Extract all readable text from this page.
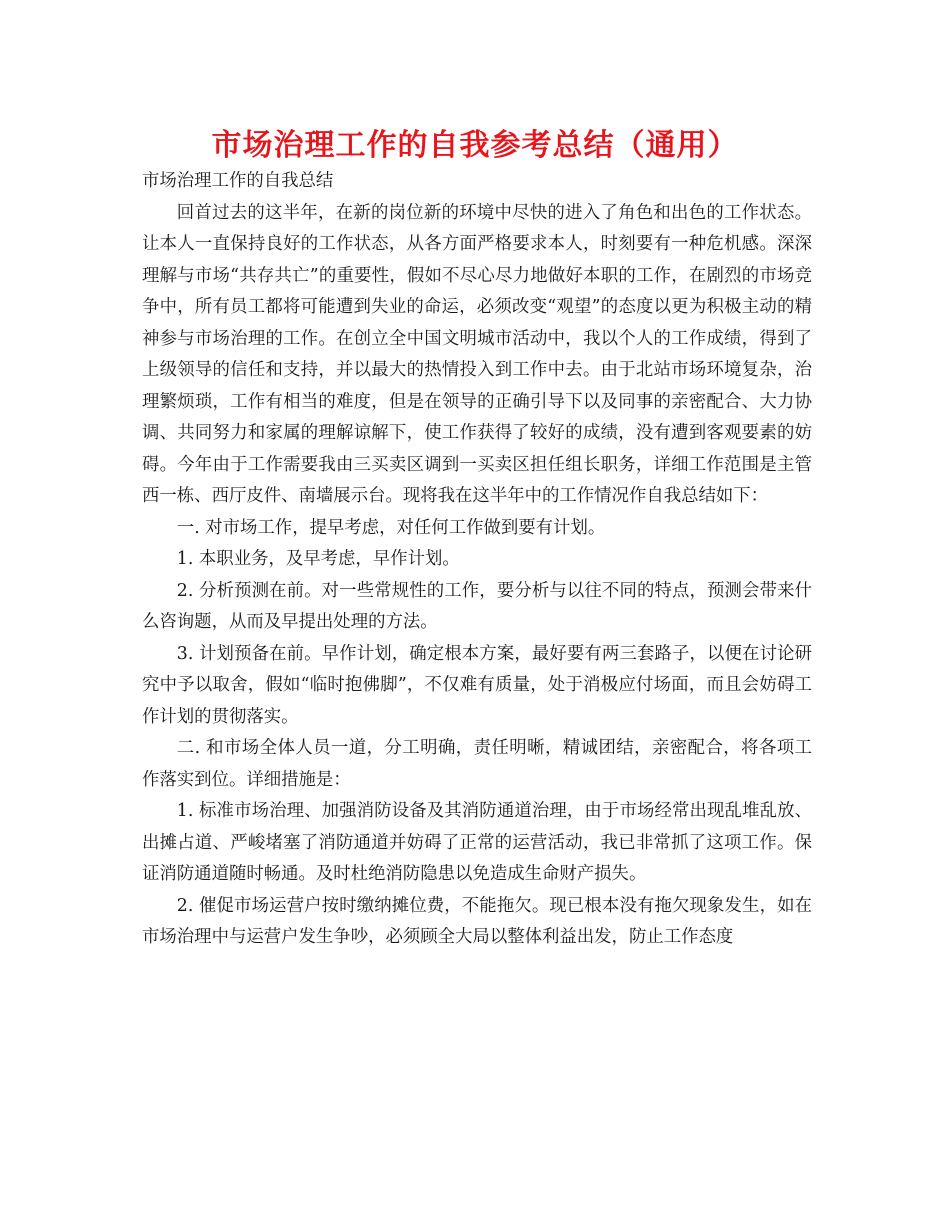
市场治理工作的自我参考总结（通用）

市场治理工作的自我总结

回首过去的这半年，在新的岗位新的环境中尽快的进入了角色和出色的工作状态。让本人一直保持良好的工作状态，从各方面严格要求本人，时刻要有一种危机感。深深理解与市场“共存共亡”的重要性，假如不尽心尽力地做好本职的工作，在剧烈的市场竞争中，所有员工都将可能遭到失业的命运，必须改变“观望”的态度以更为积极主动的精神参与市场治理的工作。在创立全中国文明城市活动中，我以个人的工作成绩，得到了上级领导的信任和支持，并以最大的热情投入到工作中去。由于北站市场环境复杂，治理繁烦琐，工作有相当的难度，但是在领导的正确引导下以及同事的亲密配合、大力协调、共同努力和家属的理解谅解下，使工作获得了较好的成绩，没有遭到客观要素的妨碍。今年由于工作需要我由三买卖区调到一买卖区担任组长职务，详细工作范围是主管西一栋、西厅皮件、南墙展示台。现将我在这半年中的工作情况作自我总结如下：

一. 对市场工作，提早考虑，对任何工作做到要有计划。

1. 本职业务，及早考虑，早作计划。

2. 分析预测在前。对一些常规性的工作，要分析与以往不同的特点，预测会带来什么咨询题，从而及早提出处理的方法。

3. 计划预备在前。早作计划，确定根本方案，最好要有两三套路子，以便在讨论研究中予以取舍，假如“临时抱佛脚”，不仅难有质量，处于消极应付场面，而且会妨碍工作计划的贯彻落实。

二. 和市场全体人员一道，分工明确，责任明晰，精诚团结，亲密配合，将各项工作落实到位。详细措施是：

1. 标准市场治理、加强消防设备及其消防通道治理，由于市场经常出现乱堆乱放、出摊占道、严峻堵塞了消防通道并妨碍了正常的运营活动，我已非常抓了这项工作。保证消防通道随时畅通。及时杜绝消防隐患以免造成生命财产损失。

2. 催促市场运营户按时缴纳摊位费，不能拖欠。现已根本没有拖欠现象发生，如在市场治理中与运营户发生争吵，必须顾全大局以整体利益出发，防止工作态度
